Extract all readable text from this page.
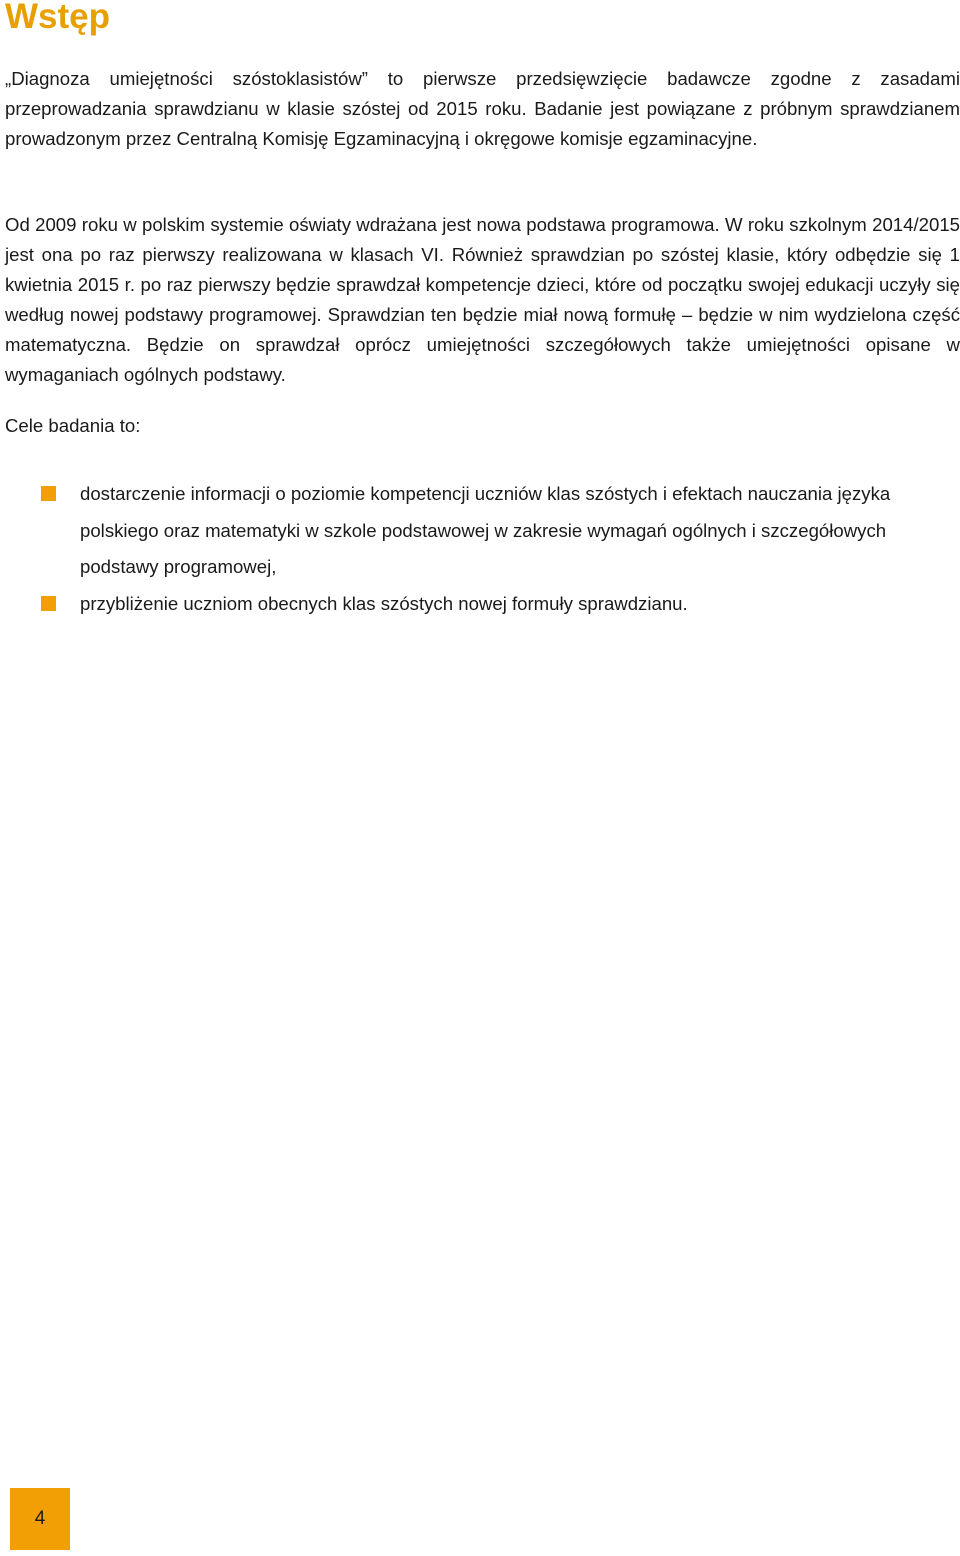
Wstęp

„Diagnoza umiejętności szóstoklasistów” to pierwsze przedsięwzięcie badawcze zgodne z zasadami przeprowadzania sprawdzianu w klasie szóstej od 2015 roku. Badanie jest powiązane z próbnym sprawdzianem prowadzonym przez Centralną Komisję Egzaminacyjną i okręgowe komisje egzaminacyjne.

Od 2009 roku w polskim systemie oświaty wdrażana jest nowa podstawa programowa. W roku szkolnym 2014/2015 jest ona po raz pierwszy realizowana w klasach VI. Również sprawdzian po szóstej klasie, który odbędzie się 1 kwietnia 2015 r. po raz pierwszy będzie sprawdzał kompetencje dzieci, które od początku swojej edukacji uczyły się według nowej podstawy programowej. Sprawdzian ten będzie miał nową formułę – będzie w nim wydzielona część matematyczna. Będzie on sprawdzał oprócz umiejętności szczegółowych także umiejętności opisane w wymaganiach ogólnych podstawy.

Cele badania to:

dostarczenie informacji o poziomie kompetencji uczniów klas szóstych i efektach nauczania języka polskiego oraz matematyki w szkole podstawowej w zakresie wymagań ogólnych i szczegółowych podstawy programowej,
przybliżenie uczniom obecnych klas szóstych nowej formuły sprawdzianu.
4
